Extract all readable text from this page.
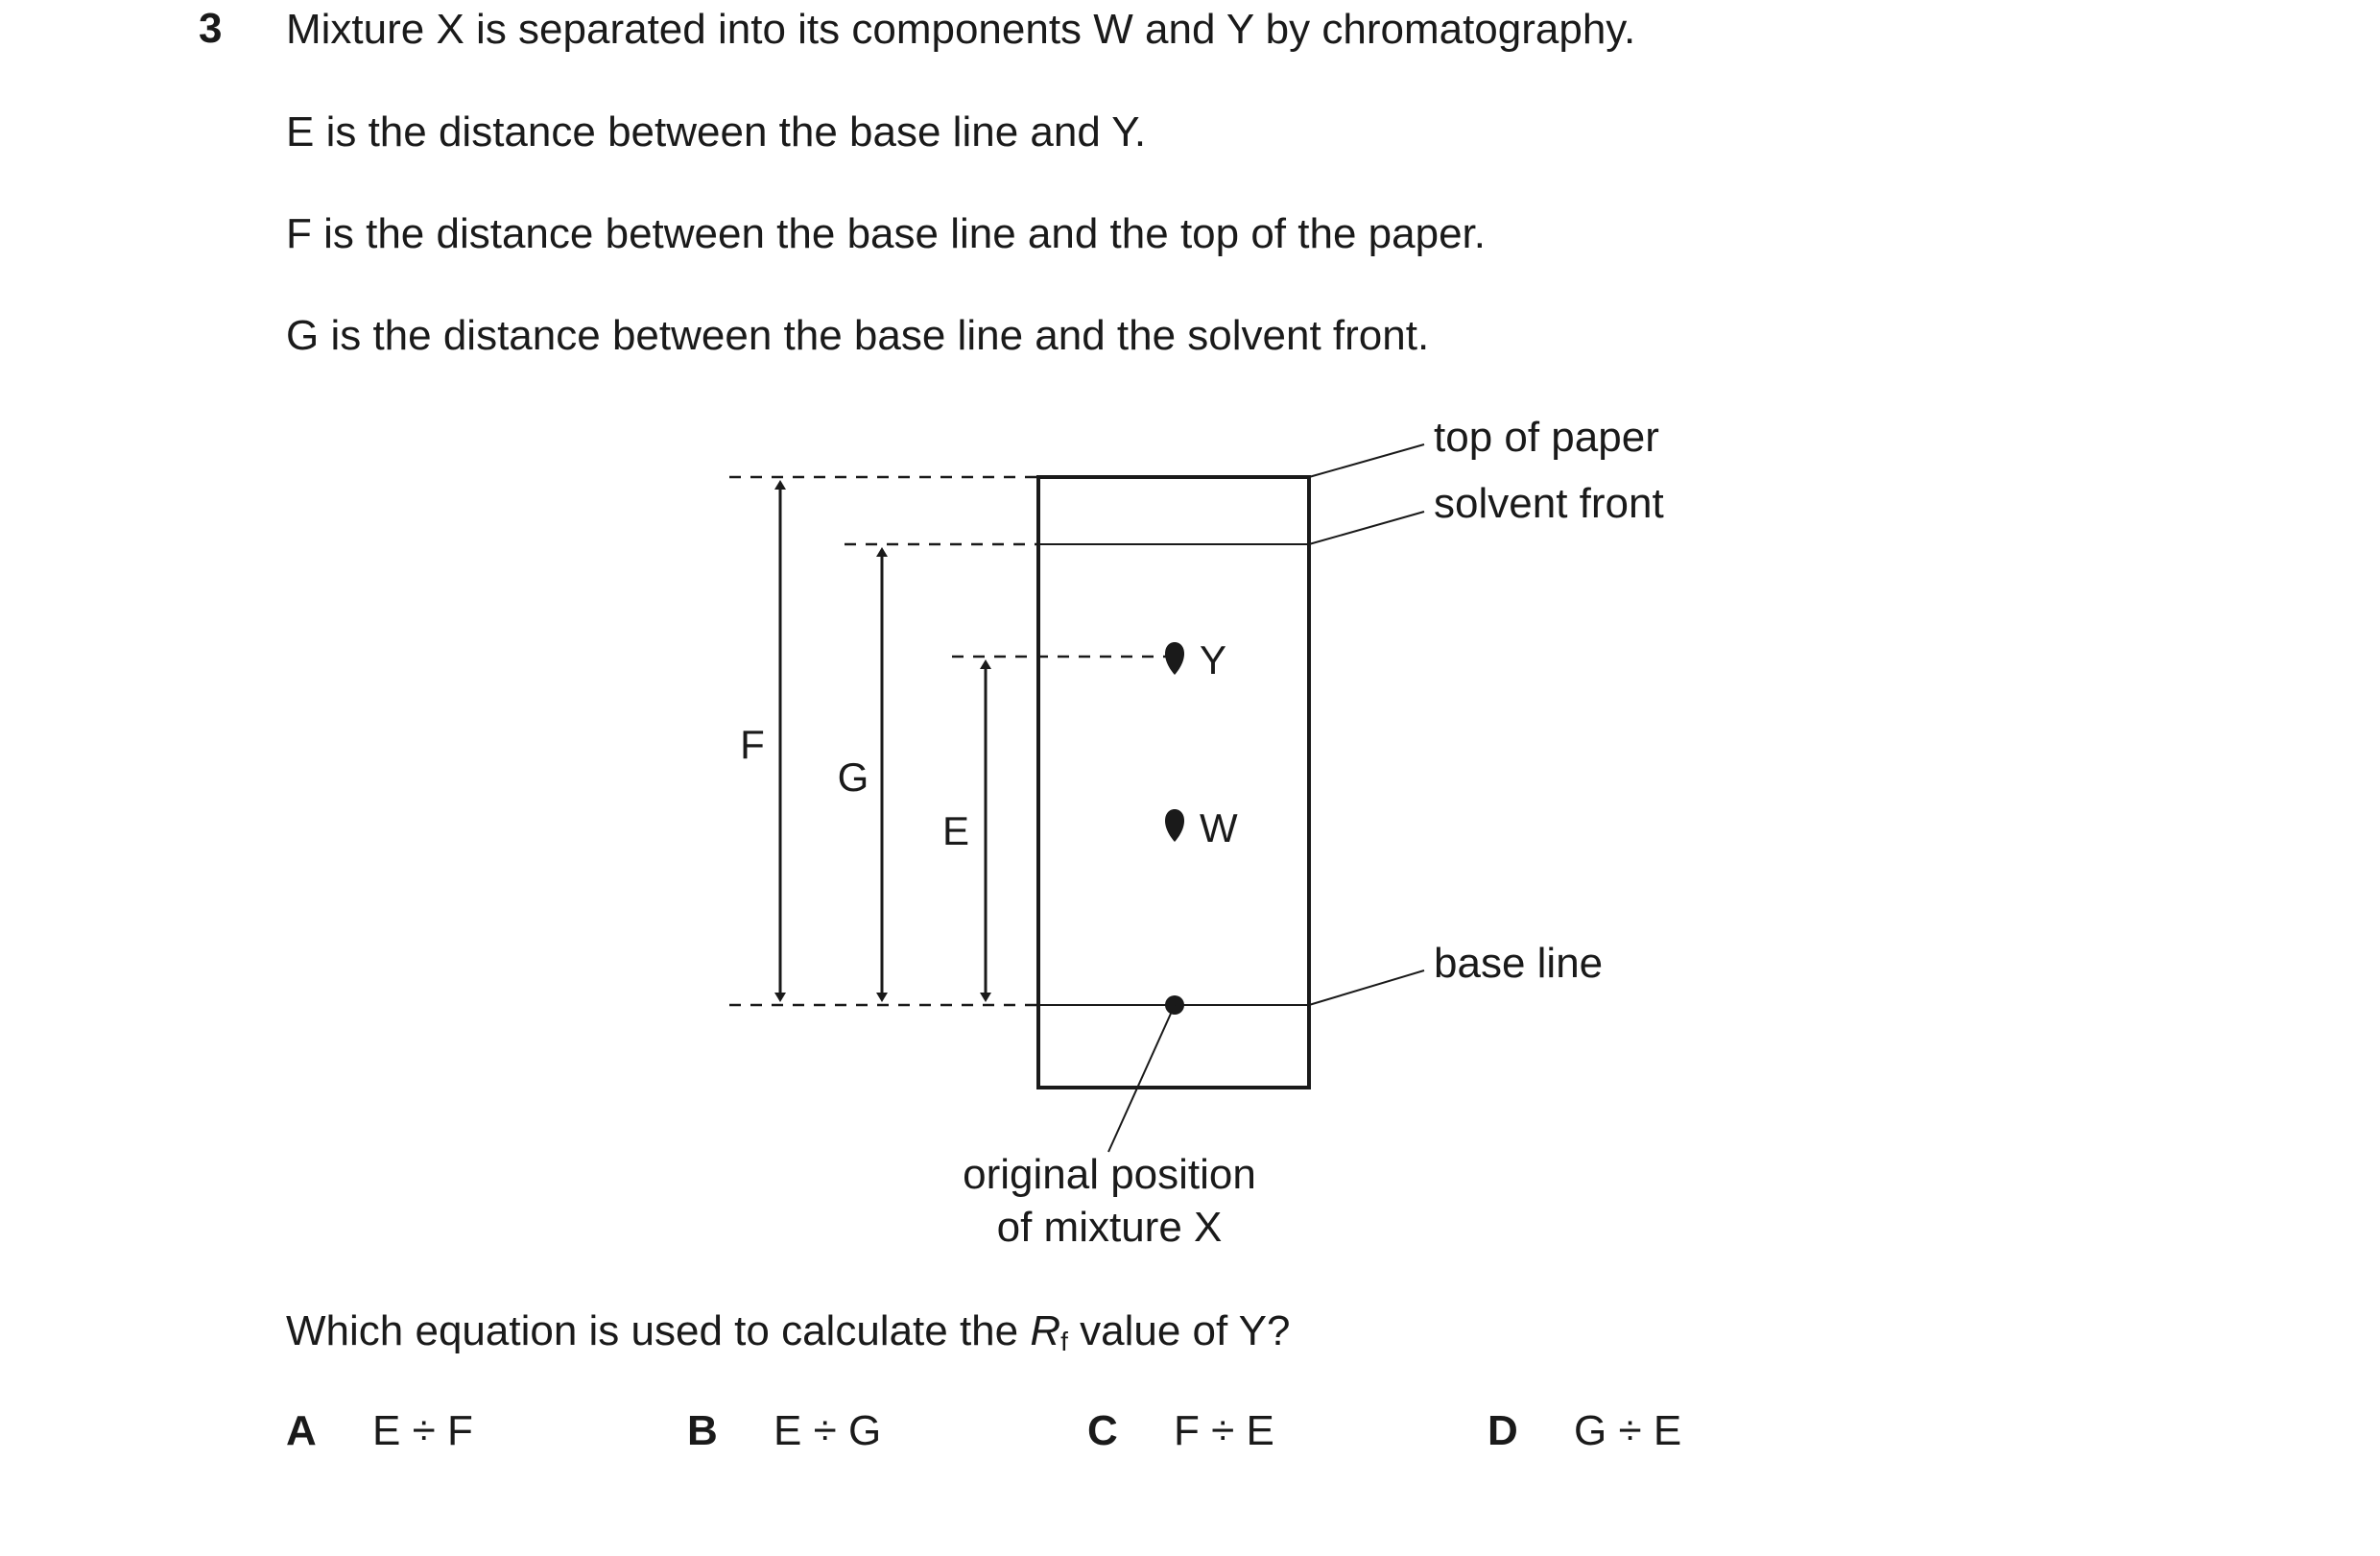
3 Mixture X is separated into its components W and Y by chromatography.
E is the distance between the base line and Y.
F is the distance between the base line and the top of the paper.
G is the distance between the base line and the solvent front.
F
G
E
Y
W
top of paper
solvent front
base line
original position
of mixture X
Which equation is used to calculate the $R_f$ value of Y?
A E ÷ F	B E ÷ G	C F ÷ E	D G ÷ E
